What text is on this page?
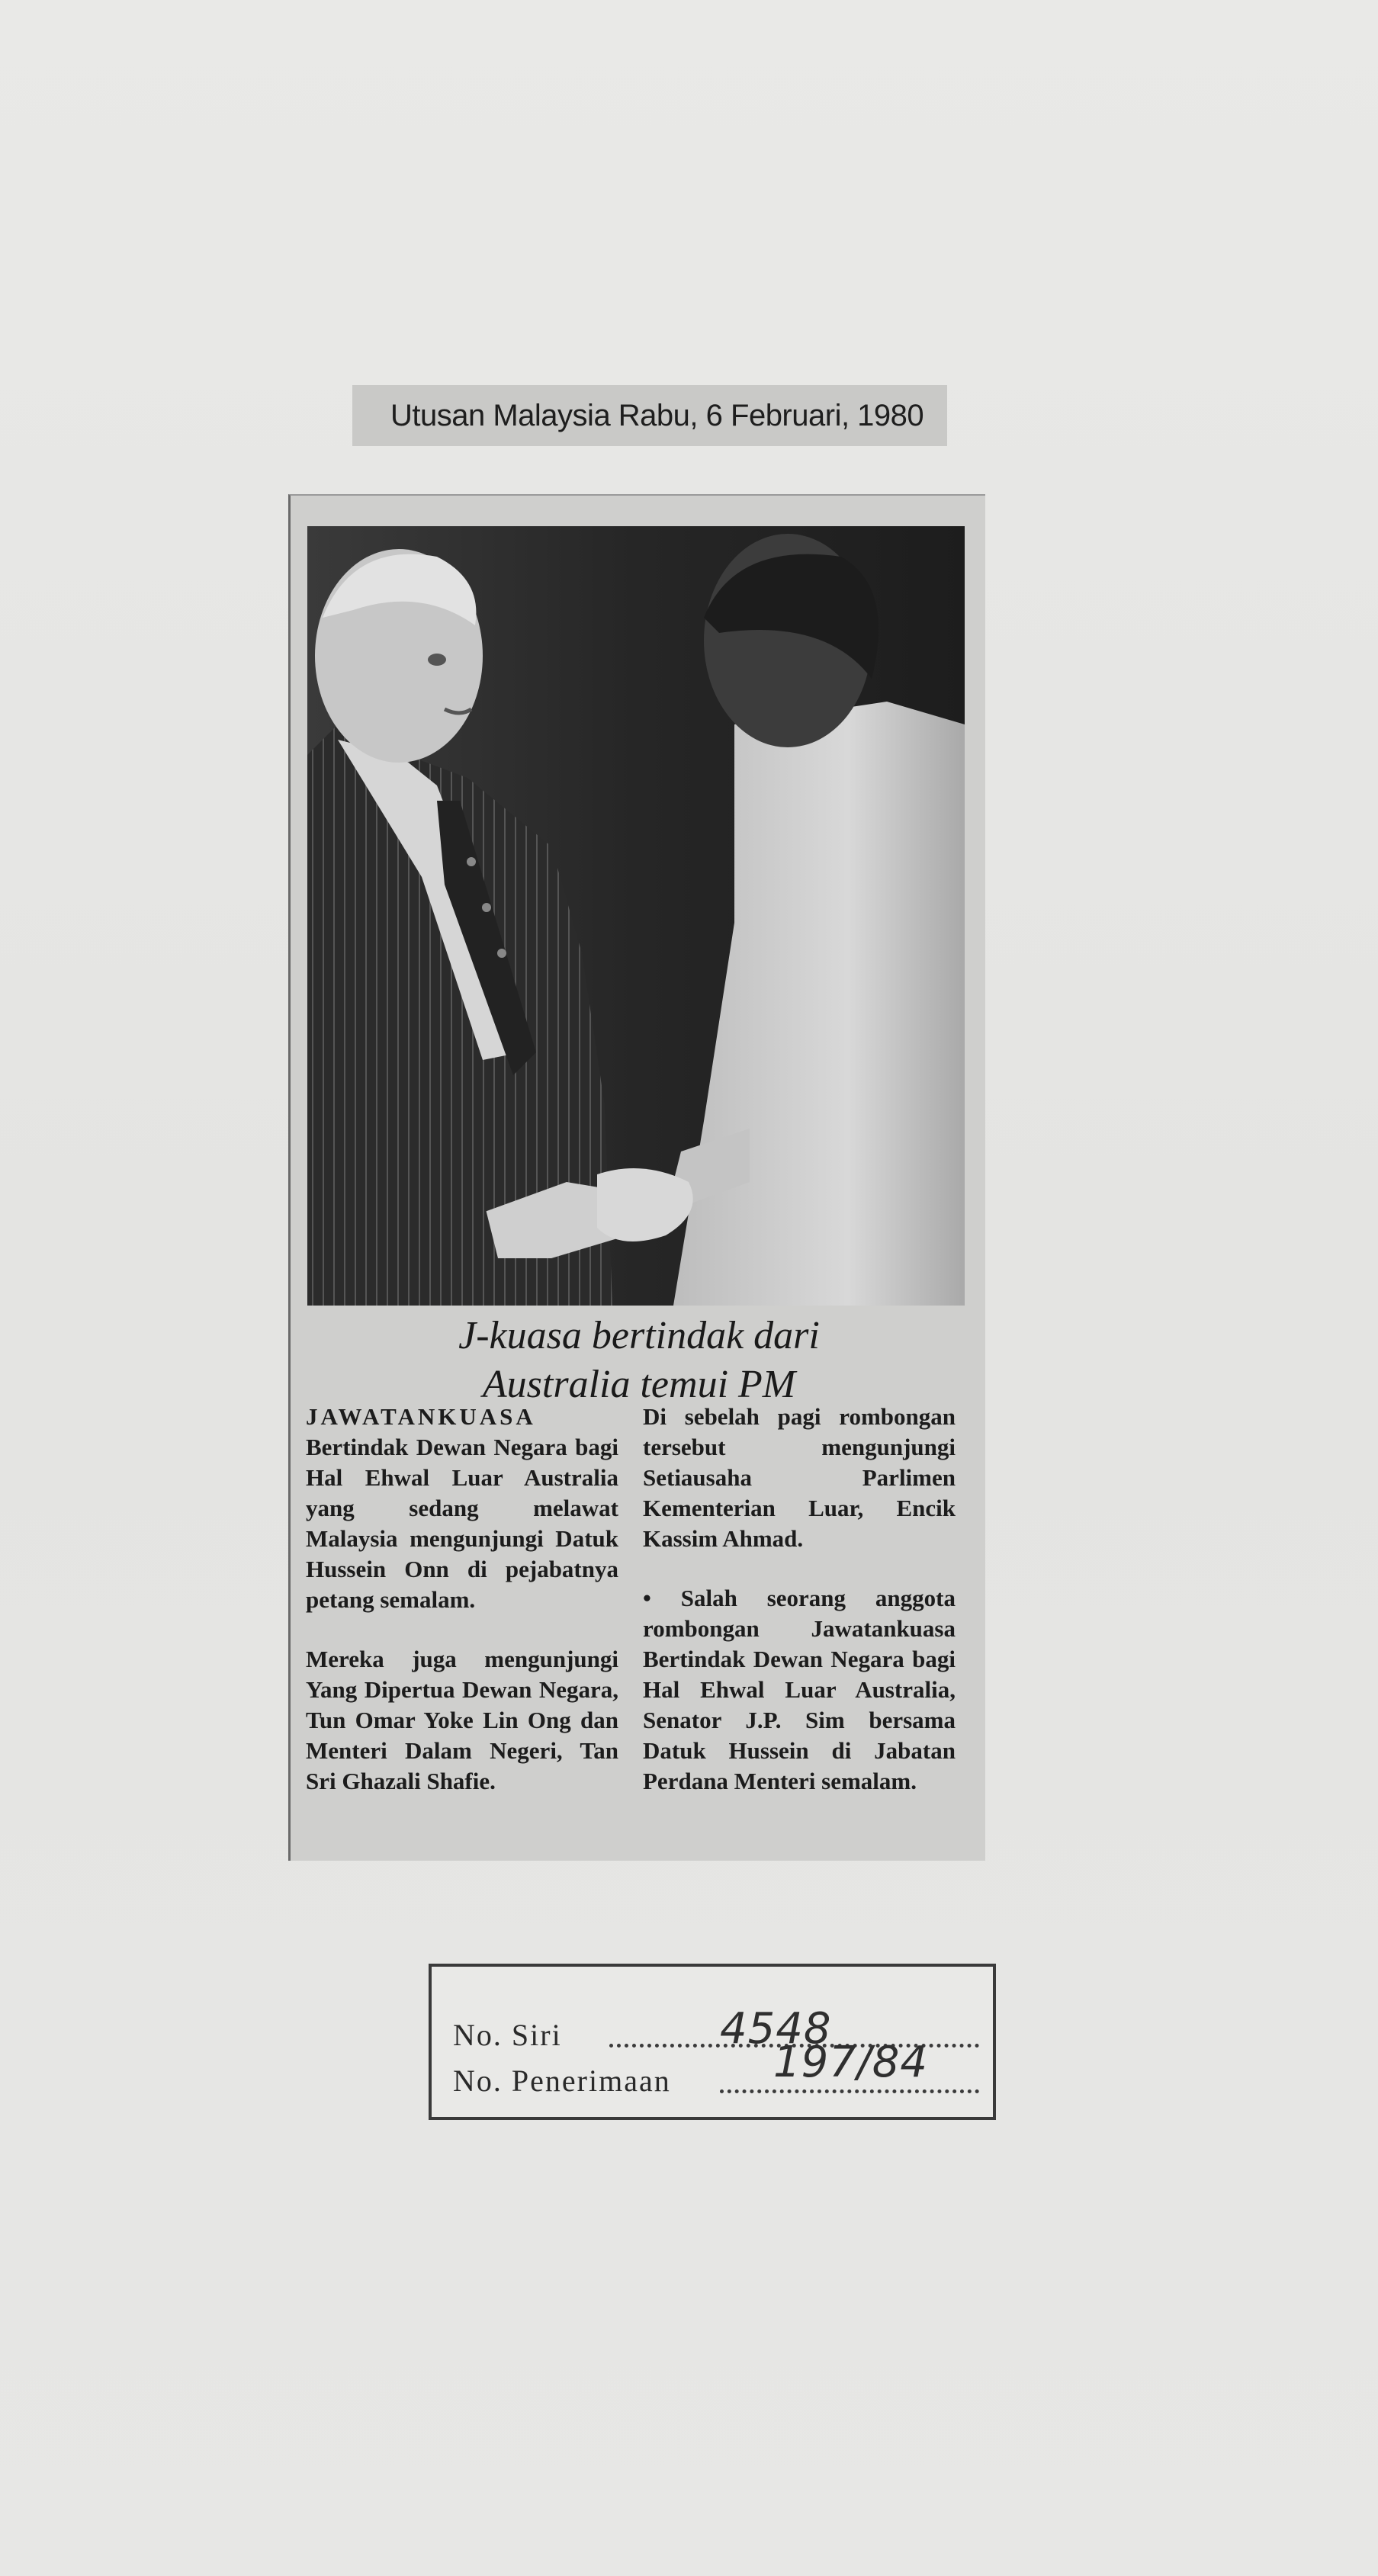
Utusan Malaysia Rabu, 6 Februari, 1980
J-kuasa bertindak dari
Australia temui PM

JAWATANKUASA Bertindak Dewan Negara bagi Hal Ehwal Luar Australia yang sedang melawat Malaysia mengunjungi Datuk Hussein Onn di pejabatnya petang semalam.

Mereka juga mengunjungi Yang Dipertua Dewan Negara, Tun Omar Yoke Lin Ong dan Menteri Dalam Negeri, Tan Sri Ghazali Shafie.

Di sebelah pagi rombongan tersebut mengunjungi Setiausaha Parlimen Kementerian Luar, Encik Kassim Ahmad.

• Salah seorang anggota rombongan Jawatankuasa Bertindak Dewan Negara bagi Hal Ehwal Luar Australia, Senator J.P. Sim bersama Datuk Hussein di Jabatan Perdana Menteri semalam.

No. Siri	4548
No. Penerimaan 197/84
